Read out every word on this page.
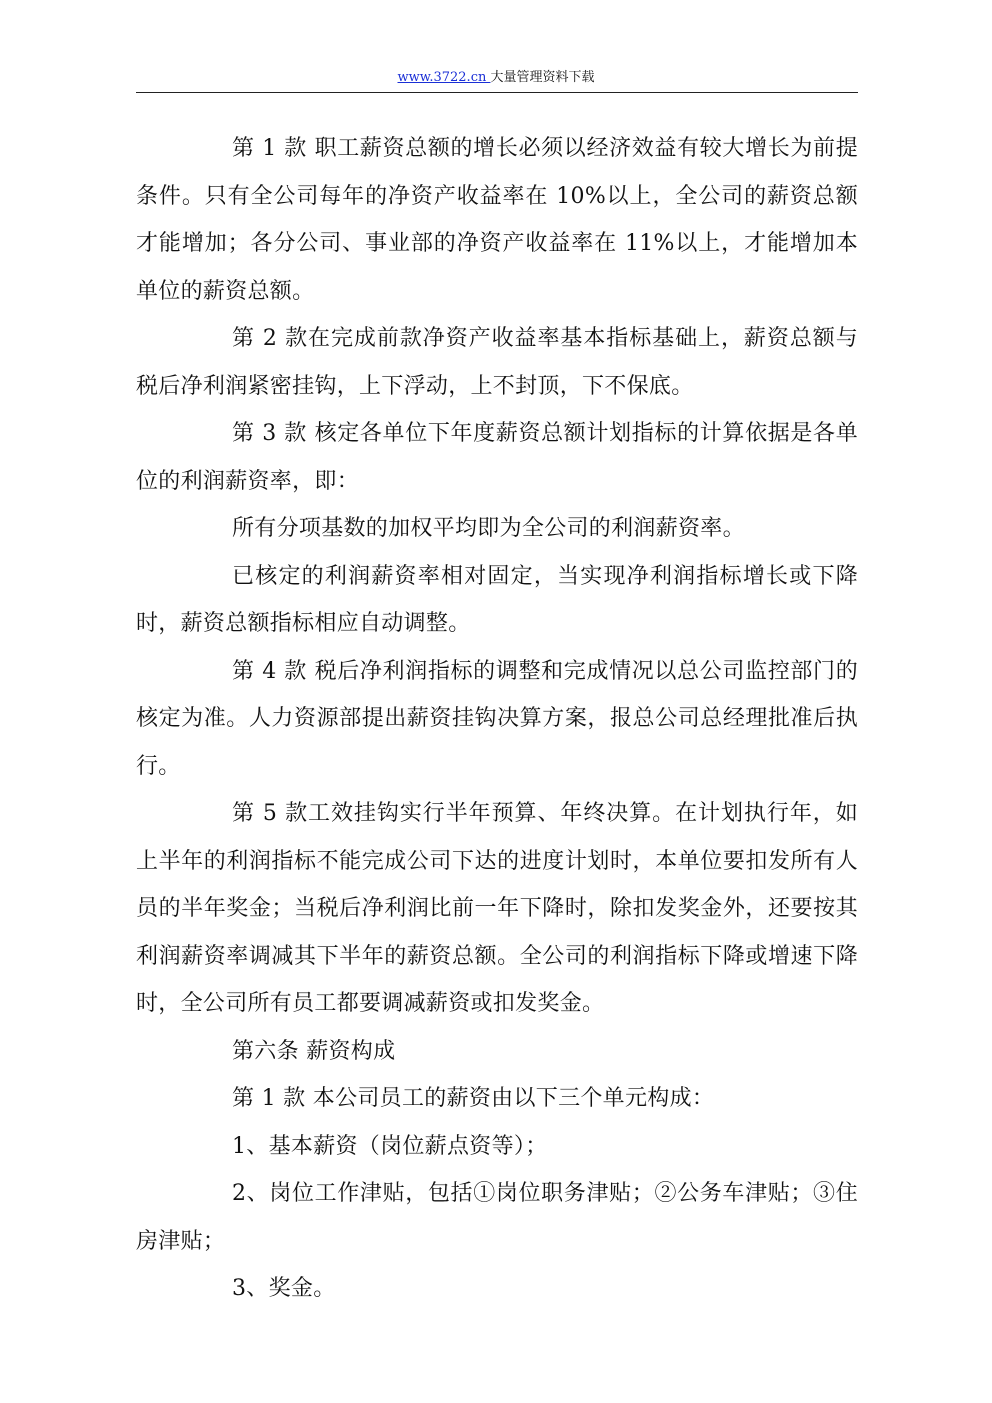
www.3722.cn 大量管理资料下载

第 1 款 职工薪资总额的增长必须以经济效益有较大增长为前提条件。只有全公司每年的净资产收益率在 10%以上，全公司的薪资总额才能增加；各分公司、事业部的净资产收益率在 11%以上，才能增加本单位的薪资总额。

第 2 款在完成前款净资产收益率基本指标基础上，薪资总额与税后净利润紧密挂钩，上下浮动，上不封顶，下不保底。

第 3 款 核定各单位下年度薪资总额计划指标的计算依据是各单位的利润薪资率，即：

所有分项基数的加权平均即为全公司的利润薪资率。

已核定的利润薪资率相对固定，当实现净利润指标增长或下降时，薪资总额指标相应自动调整。

第 4 款 税后净利润指标的调整和完成情况以总公司监控部门的核定为准。人力资源部提出薪资挂钩决算方案，报总公司总经理批准后执行。

第 5 款工效挂钩实行半年预算、年终决算。在计划执行年，如上半年的利润指标不能完成公司下达的进度计划时，本单位要扣发所有人员的半年奖金；当税后净利润比前一年下降时，除扣发奖金外，还要按其利润薪资率调减其下半年的薪资总额。全公司的利润指标下降或增速下降时，全公司所有员工都要调减薪资或扣发奖金。

第六条 薪资构成

第 1 款 本公司员工的薪资由以下三个单元构成：

1、基本薪资（岗位薪点资等）；

2、岗位工作津贴，包括①岗位职务津贴；②公务车津贴；③住房津贴；

3、奖金。
